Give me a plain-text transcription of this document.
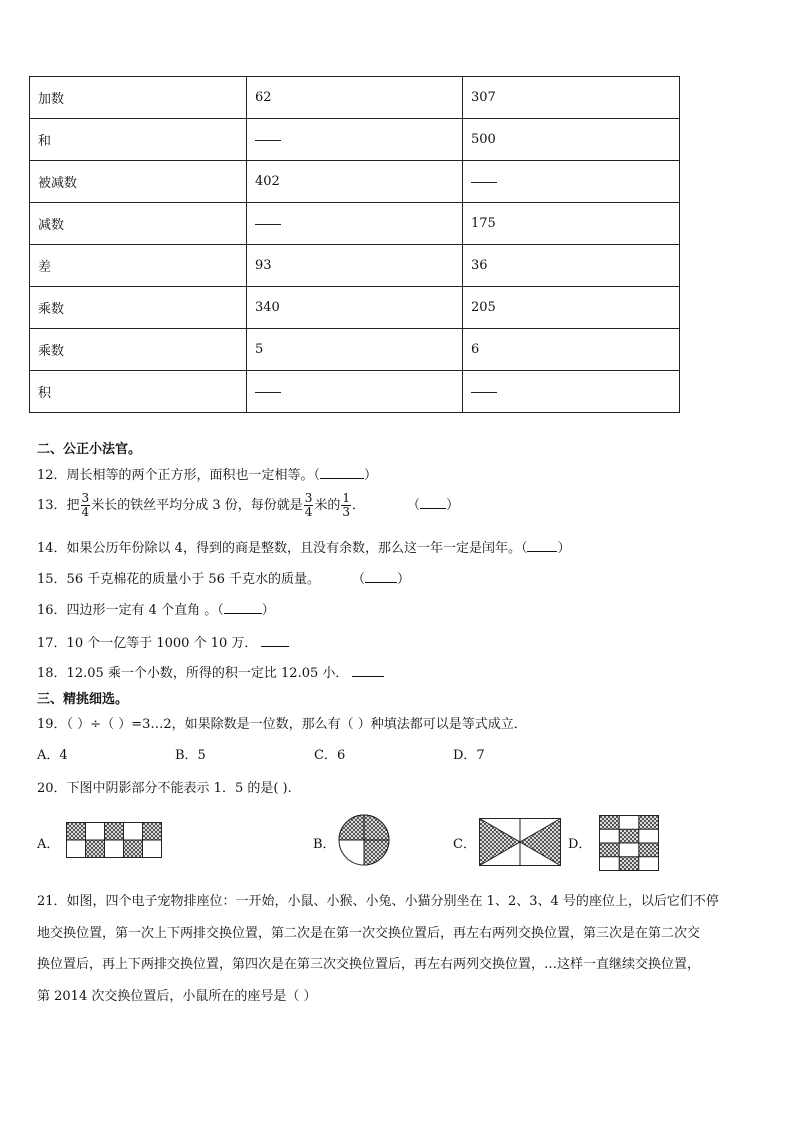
加数	62	307
和		500
被减数	402	
减数		175
差	93	36
乘数	340	205
乘数	5	6
积		
二、公正小法官。
12．周长相等的两个正方形，面积也一定相等。（	）
13．把 $\frac{3}{4}$ 米长的铁丝平均分成 3 份，每份就是 $\frac{3}{4}$ 米的 $\frac{1}{3}$ ．	（ ）
14．如果公历年份除以 4，得到的商是整数，且没有余数，那么这一年一定是闰年。（ ）
15．56 千克棉花的质量小于 56 千克水的质量。 （ ）
16．四边形一定有 4 个直角 。（	）
17．10 个一亿等于 1000 个 10 万．
18．12.05 乘一个小数，所得的积一定比 12.05 小．
三、精挑细选。
19．（ ）÷（ ）=3…2，如果除数是一位数，那么有（ ）种填法都可以是等式成立．
A．4	B．5	C．6	D．7
20．下图中阴影部分不能表示 1．5 的是( ).
A．	B．	C．	D．
21．如图，四个电子宠物排座位：一开始，小鼠、小猴、小兔、小猫分别坐在 1、2、3、4 号的座位上，以后它们不停
地交换位置，第一次上下两排交换位置，第二次是在第一次交换位置后，再左右两列交换位置，第三次是在第二次交
换位置后，再上下两排交换位置，第四次是在第三次交换位置后，再左右两列交换位置，…这样一直继续交换位置，
第 2014 次交换位置后，小鼠所在的座号是（ ）
